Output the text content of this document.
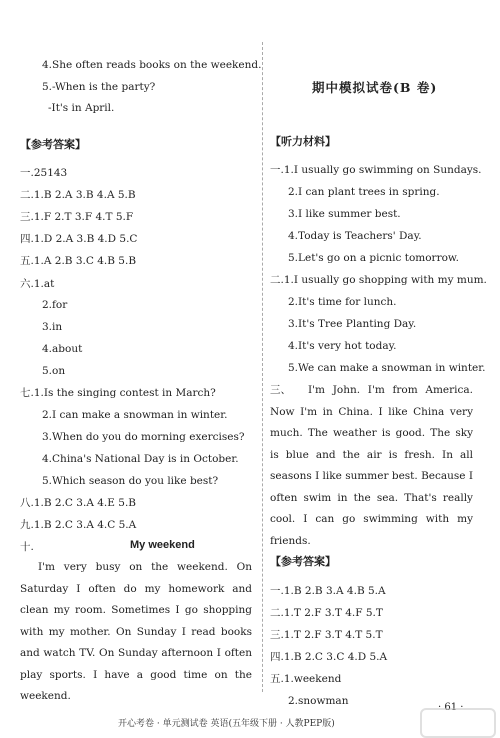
4.She often reads books on the weekend.
5.-When is the party?
-It's in April.
【参考答案】
一.25143
二.1.B 2.A 3.B 4.A 5.B
三.1.F 2.T 3.F 4.T 5.F
四.1.D 2.A 3.B 4.D 5.C
五.1.A 2.B 3.C 4.B 5.B
六.1.at
2.for
3.in
4.about
5.on
七.1.Is the singing contest in March?
2.I can make a snowman in winter.
3.When do you do morning exercises?
4.China's National Day is in October.
5.Which season do you like best?
八.1.B 2.C 3.A 4.E 5.B
九.1.B 2.C 3.A 4.C 5.A
十.	My weekend
I'm very busy on the weekend. On Saturday I often do my homework and clean my room. Sometimes I go shopping with my mother. On Sunday I read books and watch TV. On Sunday afternoon I often play sports. I have a good time on the weekend.
期中模拟试卷(B 卷)
【听力材料】
一.1.I usually go swimming on Sundays.
2.I can plant trees in spring.
3.I like summer best.
4.Today is Teachers' Day.
5.Let's go on a picnic tomorrow.
二.1.I usually go shopping with my mum.
2.It's time for lunch.
3.It's Tree Planting Day.
4.It's very hot today.
5.We can make a snowman in winter.
三、	I'm John. I'm from America. Now I'm in China. I like China very much. The weather is good. The sky is blue and the air is fresh. In all seasons I like summer best. Because I often swim in the sea. That's really cool. I can go swimming with my friends.
【参考答案】
一.1.B 2.B 3.A 4.B 5.A
二.1.T 2.F 3.T 4.F 5.T
三.1.T 2.F 3.T 4.T 5.T
四.1.B 2.C 3.C 4.D 5.A
五.1.weekend
2.snowman
· 61 ·
开心考卷 · 单元测试卷 英语(五年级下册 · 人教PEP版)
